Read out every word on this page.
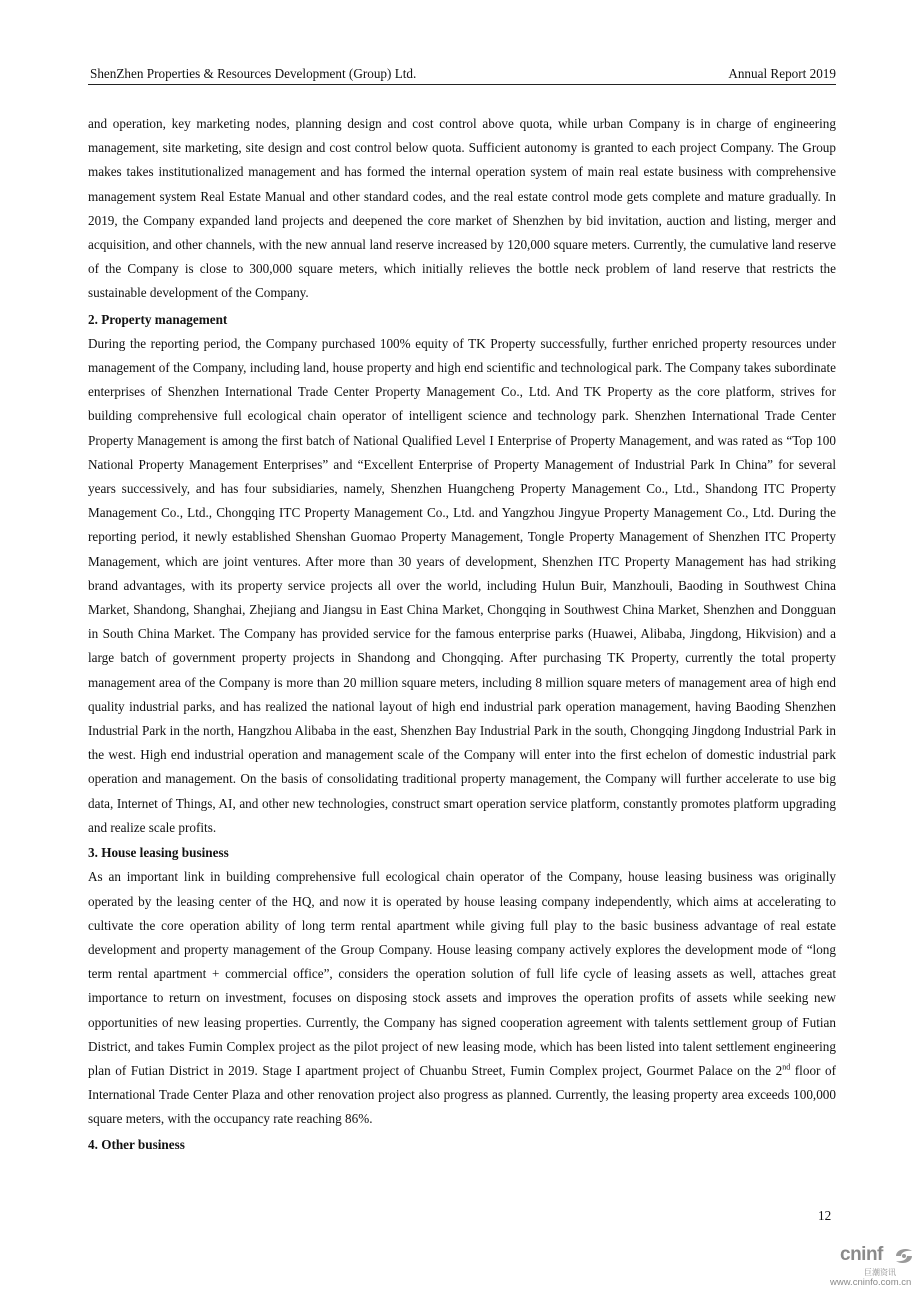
ShenZhen Properties & Resources Development (Group) Ltd.	Annual Report 2019

and operation, key marketing nodes, planning design and cost control above quota, while urban Company is in charge of engineering management, site marketing, site design and cost control below quota. Sufficient autonomy is granted to each project Company. The Group makes takes institutionalized management and has formed the internal operation system of main real estate business with comprehensive management system Real Estate Manual and other standard codes, and the real estate control mode gets complete and mature gradually. In 2019, the Company expanded land projects and deepened the core market of Shenzhen by bid invitation, auction and listing, merger and acquisition, and other channels, with the new annual land reserve increased by 120,000 square meters. Currently, the cumulative land reserve of the Company is close to 300,000 square meters, which initially relieves the bottle neck problem of land reserve that restricts the sustainable development of the Company.

2. Property management

During the reporting period, the Company purchased 100% equity of TK Property successfully, further enriched property resources under management of the Company, including land, house property and high end scientific and technological park. The Company takes subordinate enterprises of Shenzhen International Trade Center Property Management Co., Ltd. And TK Property as the core platform, strives for building comprehensive full ecological chain operator of intelligent science and technology park. Shenzhen International Trade Center Property Management is among the first batch of National Qualified Level I Enterprise of Property Management, and was rated as “Top 100 National Property Management Enterprises” and “Excellent Enterprise of Property Management of Industrial Park In China” for several years successively, and has four subsidiaries, namely, Shenzhen Huangcheng Property Management Co., Ltd., Shandong ITC Property Management Co., Ltd., Chongqing ITC Property Management Co., Ltd. and Yangzhou Jingyue Property Management Co., Ltd. During the reporting period, it newly established Shenshan Guomao Property Management, Tongle Property Management of Shenzhen ITC Property Management, which are joint ventures. After more than 30 years of development, Shenzhen ITC Property Management has had striking brand advantages, with its property service projects all over the world, including Hulun Buir, Manzhouli, Baoding in Southwest China Market, Shandong, Shanghai, Zhejiang and Jiangsu in East China Market, Chongqing in Southwest China Market, Shenzhen and Dongguan in South China Market. The Company has provided service for the famous enterprise parks (Huawei, Alibaba, Jingdong, Hikvision) and a large batch of government property projects in Shandong and Chongqing. After purchasing TK Property, currently the total property management area of the Company is more than 20 million square meters, including 8 million square meters of management area of high end quality industrial parks, and has realized the national layout of high end industrial park operation management, having Baoding Shenzhen Industrial Park in the north, Hangzhou Alibaba in the east, Shenzhen Bay Industrial Park in the south, Chongqing Jingdong Industrial Park in the west. High end industrial operation and management scale of the Company will enter into the first echelon of domestic industrial park operation and management. On the basis of consolidating traditional property management, the Company will further accelerate to use big data, Internet of Things, AI, and other new technologies, construct smart operation service platform, constantly promotes platform upgrading and realize scale profits.

3. House leasing business

As an important link in building comprehensive full ecological chain operator of the Company, house leasing business was originally operated by the leasing center of the HQ, and now it is operated by house leasing company independently, which aims at accelerating to cultivate the core operation ability of long term rental apartment while giving full play to the basic business advantage of real estate development and property management of the Group Company. House leasing company actively explores the development mode of “long term rental apartment + commercial office”, considers the operation solution of full life cycle of leasing assets as well, attaches great importance to return on investment, focuses on disposing stock assets and improves the operation profits of assets while seeking new opportunities of new leasing properties. Currently, the Company has signed cooperation agreement with talents settlement group of Futian District, and takes Fumin Complex project as the pilot project of new leasing mode, which has been listed into talent settlement engineering plan of Futian District in 2019. Stage I apartment project of Chuanbu Street, Fumin Complex project, Gourmet Palace on the 2nd floor of International Trade Center Plaza and other renovation project also progress as planned. Currently, the leasing property area exceeds 100,000 square meters, with the occupancy rate reaching 86%.

4. Other business

12
cninf
巨潮资讯
www.cninfo.com.cn
